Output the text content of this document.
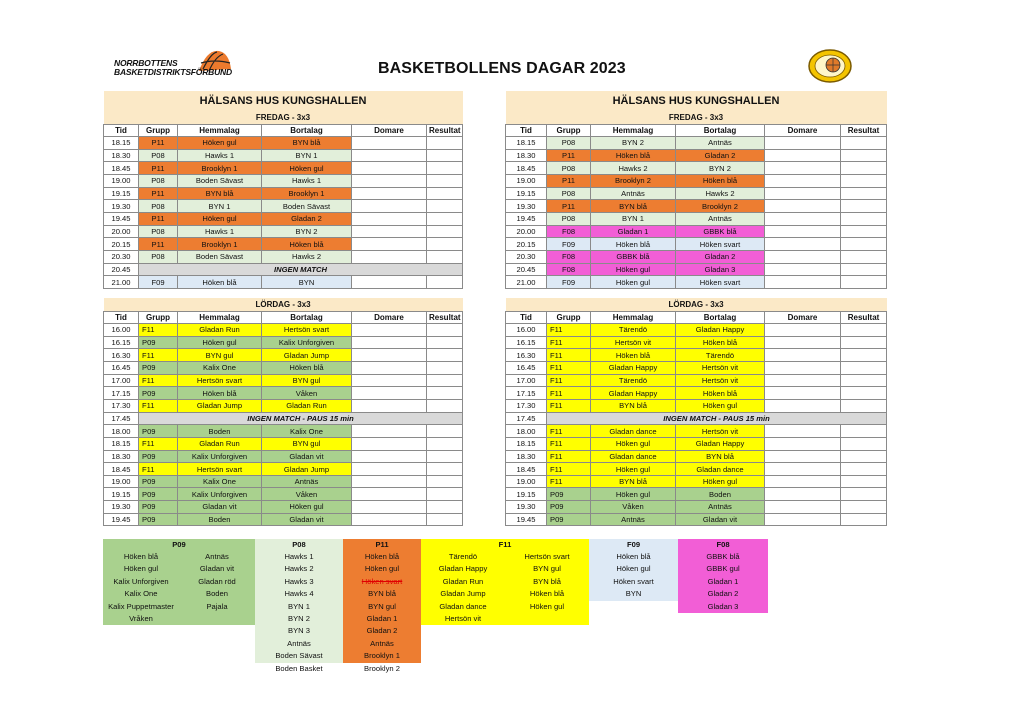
NORRBOTTENS
BASKETDISTRIKTSFÖRBUND	BASKETBOLLENS DAGAR 2023
HÄLSANS HUS KUNGSHALLEN					
FREDAG - 3x3					
Tid	Grupp	Hemmalag	Bortalag	Domare	Resultat
18.15	P11	Höken gul	BYN blå		
18.30	P08	Hawks 1	BYN 1		
18.45	P11	Brooklyn 1	Höken gul		
19.00	P08	Boden Sävast	Hawks 1		
19.15	P11	BYN blå	Brooklyn 1		
19.30	P08	BYN 1	Boden Sävast		
19.45	P11	Höken gul	Gladan 2		
20.00	P08	Hawks 1	BYN 2		
20.15	P11	Brooklyn 1	Höken blå		
20.30	P08	Boden Sävast	Hawks 2		
20.45	INGEN MATCH				
21.00	F09	Höken blå	BYN		
HÄLSANS HUS KUNGSHALLEN					
FREDAG - 3x3					
Tid	Grupp	Hemmalag	Bortalag	Domare	Resultat
18.15	P08	BYN 2	Antnäs		
18.30	P11	Höken blå	Gladan 2		
18.45	P08	Hawks 2	BYN 2		
19.00	P11	Brooklyn 2	Höken blå		
19.15	P08	Antnäs	Hawks 2		
19.30	P11	BYN blå	Brooklyn 2		
19.45	P08	BYN 1	Antnäs		
20.00	F08	Gladan 1	GBBK blå		
20.15	F09	Höken blå	Höken svart		
20.30	F08	GBBK blå	Gladan 2		
20.45	F08	Höken gul	Gladan 3		
21.00	F09	Höken gul	Höken svart		
LÖRDAG - 3x3					
Tid	Grupp	Hemmalag	Bortalag	Domare	Resultat
16.00	F11	Gladan Run	Hertsön svart		
16.15	P09	Höken gul	Kalix Unforgiven		
16.30	F11	BYN gul	Gladan Jump		
16.45	P09	Kalix One	Höken blå		
17.00	F11	Hertsön svart	BYN gul		
17.15	P09	Höken blå	Våken		
17.30	F11	Gladan Jump	Gladan Run		
17.45	INGEN MATCH - PAUS 15 min				
18.00	P09	Boden	Kalix One		
18.15	F11	Gladan Run	BYN gul		
18.30	P09	Kalix Unforgiven	Gladan vit		
18.45	F11	Hertsön svart	Gladan Jump		
19.00	P09	Kalix One	Antnäs		
19.15	P09	Kalix Unforgiven	Våken		
19.30	P09	Gladan vit	Höken gul		
19.45	P09	Boden	Gladan vit		
LÖRDAG - 3x3					
Tid	Grupp	Hemmalag	Bortalag	Domare	Resultat
16.00	F11	Tärendö	Gladan Happy		
16.15	F11	Hertsön vit	Höken blå		
16.30	F11	Höken blå	Tärendö		
16.45	F11	Gladan Happy	Hertsön vit		
17.00	F11	Tärendö	Hertsön vit		
17.15	F11	Gladan Happy	Höken blå		
17.30	F11	BYN blå	Höken gul		
17.45	INGEN MATCH - PAUS 15 min				
18.00	F11	Gladan dance	Hertsön vit		
18.15	F11	Höken gul	Gladan Happy		
18.30	F11	Gladan dance	BYN blå		
18.45	F11	Höken gul	Gladan dance		
19.00	F11	BYN blå	Höken gul		
19.15	P09	Höken gul	Boden		
19.30	P09	Våken	Antnäs		
19.45	P09	Antnäs	Gladan vit		
P09
Höken blå	Antnäs
Höken gul	Gladan vit
Kalix Unforgiven	Gladan röd
Kalix One	Boden
Kalix Puppetmaster	Pajala
Vråken
P08
Hawks 1
Hawks 2
Hawks 3
Hawks 4
BYN 1
BYN 2
BYN 3
Antnäs
Boden Sävast
Boden Basket
P11
Höken blå
Höken gul
Höken svart
BYN blå
BYN gul
Gladan 1
Gladan 2
Antnäs
Brooklyn 1
Brooklyn 2
F11
Tärendö	Hertsön svart
Gladan Happy	BYN gul
Gladan Run	BYN blå
Gladan Jump	Höken blå
Gladan dance	Höken gul
Hertsön vit
F09
Höken blå
Höken gul
Höken svart
BYN
F08
GBBK blå
GBBK gul
Gladan 1
Gladan 2
Gladan 3
